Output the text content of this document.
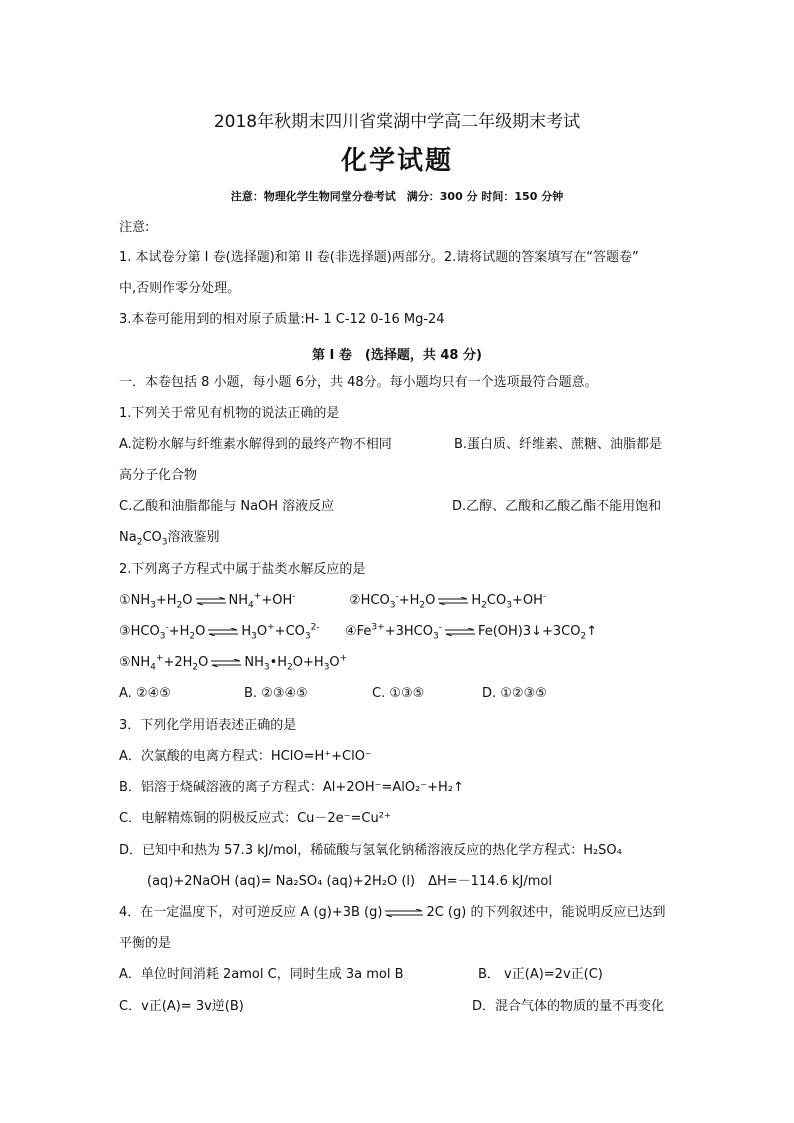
2018年秋期末四川省棠湖中学高二年级期末考试
化学试题
注意：物理化学生物同堂分卷考试　满分：300 分 时间：150 分钟
注意:
1. 本试卷分第 I 卷(选择题)和第 II 卷(非选择题)两部分。2.请将试题的答案填写在“答题卷”
中,否则作零分处理。
3.本卷可能用到的相对原子质量:H- 1 C-12 0-16 Mg-24
第 I 卷　(选择题，共 48 分)
一．本卷包括 8 小题，每小题 6分，共 48分。每小题均只有一个选项最符合题意。
1.下列关于常见有机物的说法正确的是
A.淀粉水解与纤维素水解得到的最终产物不相同	B.蛋白质、纤维素、蔗糖、油脂都是
高分子化合物
C.乙酸和油脂都能与 NaOH 溶液反应	D.乙醇、乙酸和乙酸乙酯不能用饱和
$Na_2CO_3$溶液鉴别
2.下列离子方程式中属于盐类水解反应的是
$①NH_3+H_2O$ ⇌ $NH_4^++OH^-$	$②HCO_3^-+H_2O$ ⇌ $H_2CO_3+OH^-$
$③HCO_3^-+H_2O$ ⇌ $H_3O^++CO_3^{2-}$ $④Fe^{3+}+3HCO_3^-$ ⇌ $Fe(OH)3↓+3CO_2↑$
$⑤NH_4^++2H_2O$ ⇌ $NH_3•H_2O+H_3O^+$
A. ②④⑤	B. ②③④⑤	C. ①③⑤	D. ①②③⑤
3．下列化学用语表述正确的是
A．次氯酸的电离方程式：HClO=H⁺+ClO⁻
B．铝溶于烧碱溶液的离子方程式：Al+2OH⁻=AlO₂⁻+H₂↑
C．电解精炼铜的阴极反应式：Cu－2e⁻=Cu²⁺
D．已知中和热为 57.3 kJ/mol，稀硫酸与氢氧化钠稀溶液反应的热化学方程式：H₂SO₄
(aq)+2NaOH (aq)= Na₂SO₄ (aq)+2H₂O (l)　ΔH=－114.6 kJ/mol
4．在一定温度下，对可逆反应 A (g)+3B (g) ⇌ 2C (g) 的下列叙述中，能说明反应已达到
平衡的是
A．单位时间消耗 2amol C，同时生成 3a mol B	B． v正(A)=2v正(C)
C．v正(A)= 3v逆(B)	D．混合气体的物质的量不再变化
